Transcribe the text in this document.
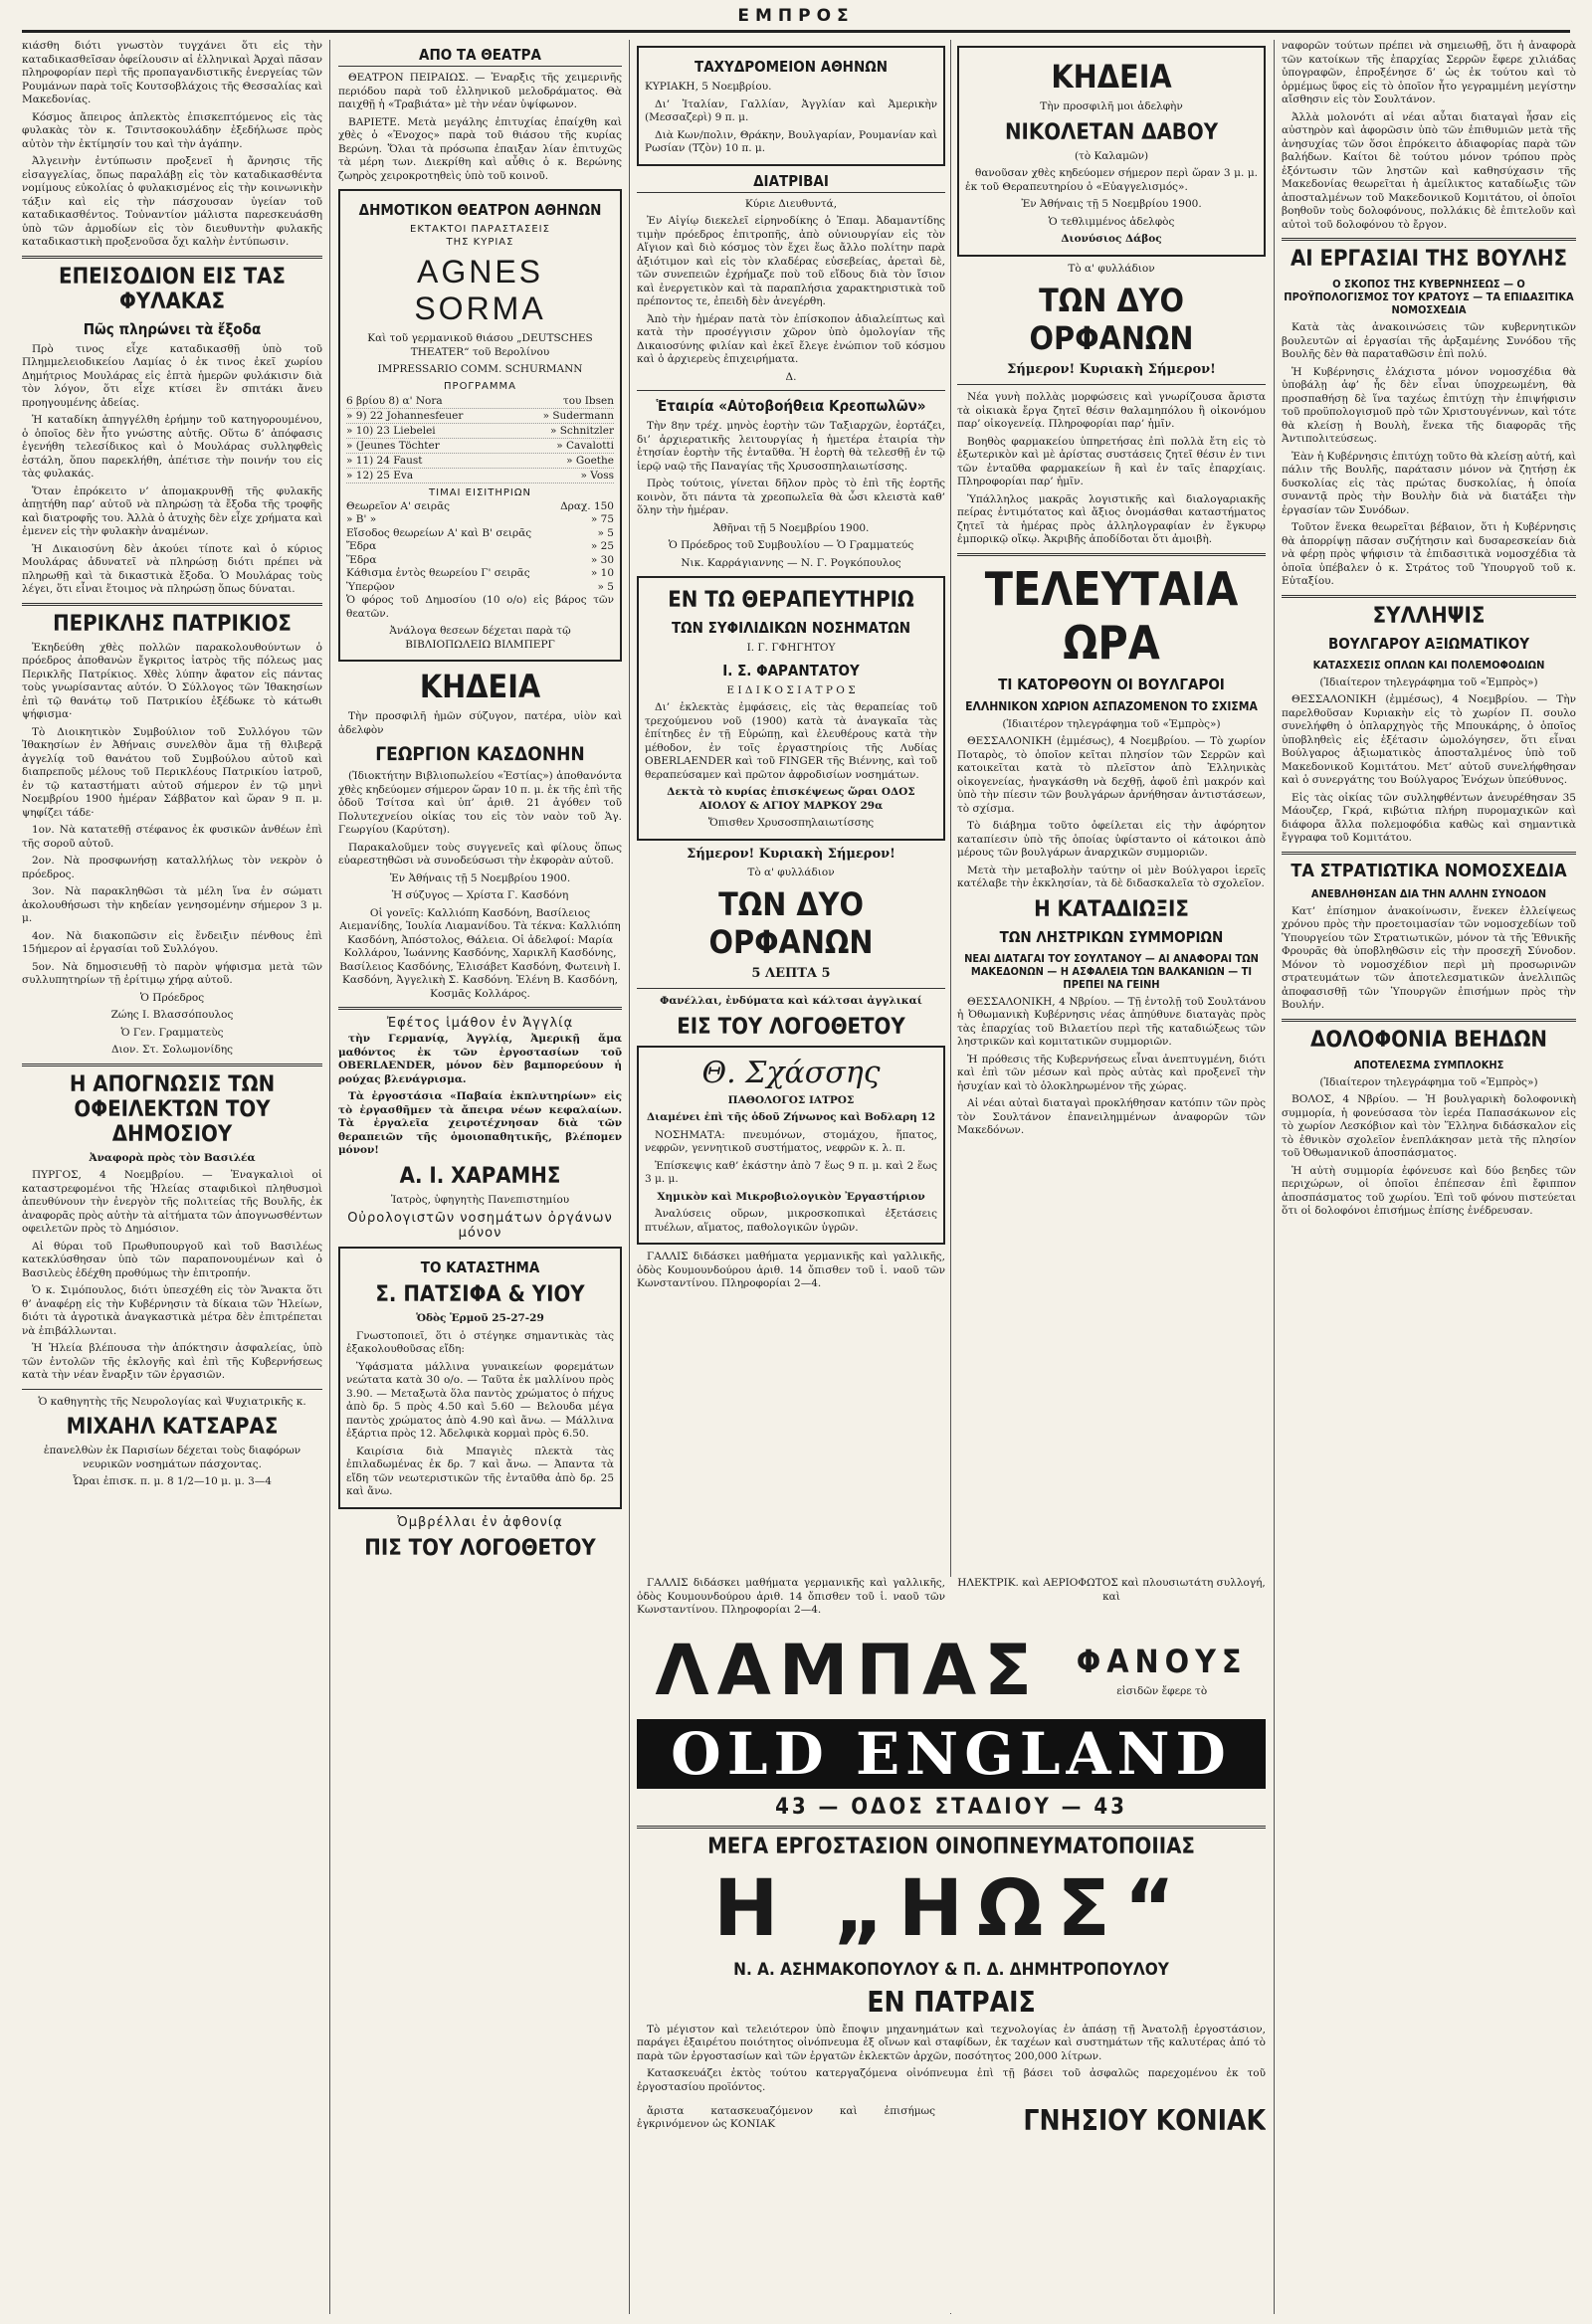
ΕΜΠΡΟΣ

κιάσθη διότι γνωστὸν τυγχάνει ὅτι εἰς τὴν καταδικασθεῖσαν ὀφείλουσιν αἱ ἑλληνικαὶ Ἀρχαὶ πᾶσαν πληροφορίαν περὶ τῆς προπαγανδιστικῆς ἐνεργείας τῶν Ρουμάνων παρὰ τοῖς Κουτσοβλάχοις τῆς Θεσσαλίας καὶ Μακεδονίας.

Κόσμος ἄπειρος ἀπλεκτὸς ἐπισκεπτόμενος εἰς τὰς φυλακὰς τὸν κ. Τσιντσοκουλάδην ἐξεδήλωσε πρὸς αὐτὸν τὴν ἐκτίμησίν του καὶ τὴν ἀγάπην.

Ἀλγεινὴν ἐντύπωσιν προξενεῖ ἡ ἄρνησις τῆς εἰσαγγελίας, ὅπως παραλάβῃ εἰς τὸν καταδικασθέντα νομίμους εὐκολίας ὁ φυλακισμένος εἰς τὴν κοινωνικὴν τάξιν καὶ εἰς τὴν πάσχουσαν ὑγείαν τοῦ καταδικασθέντος. Τοὐναντίον μάλιστα παρεσκευάσθη ὑπὸ τῶν ἁρμοδίων εἰς τὸν διευθυντὴν φυλακῆς καταδικαστικὴ προξενοῦσα ὄχι καλὴν ἐντύπωσιν.

ΕΠΕΙΣΟΔΙΟΝ ΕΙΣ ΤΑΣ ΦΥΛΑΚΑΣ
Πῶς πληρώνει τὰ ἔξοδα

Πρὸ τινος εἶχε καταδικασθῇ ὑπὸ τοῦ Πλημμελειοδικείου Λαμίας ὁ ἐκ τινος ἐκεῖ χωρίου Δημήτριος Μουλάρας εἰς ἑπτὰ ἡμερῶν φυλάκισιν διὰ τὸν λόγον, ὅτι εἶχε κτίσει ἓν σπιτάκι ἄνευ προηγουμένης ἀδείας.

Ἡ καταδίκη ἀπηγγέλθη ἐρήμην τοῦ κατηγορουμένου, ὁ ὁποῖος δὲν ἦτο γνώστης αὐτῆς. Οὕτω δ’ ἀπόφασις ἐγενήθη τελεσίδικος καὶ ὁ Μουλάρας συλληφθεὶς ἐστάλη, ὅπου παρεκλήθη, ἀπέτισε τὴν ποινήν του εἰς τὰς φυλακάς.

Ὅταν ἐπρόκειτο ν’ ἀπομακρυνθῇ τῆς φυλακῆς ἀπῃτήθη παρ’ αὐτοῦ νὰ πληρώσῃ τὰ ἔξοδα τῆς τροφῆς καὶ διατροφῆς του. Ἀλλὰ ὁ ἀτυχὴς δὲν εἶχε χρήματα καὶ ἐμενεν εἰς τὴν φυλακὴν ἀναμένων.

Ἡ Δικαιοσύνη δὲν ἀκούει τίποτε καὶ ὁ κύριος Μουλάρας ἀδυνατεῖ νὰ πληρώσῃ διότι πρέπει νὰ πληρωθῇ καὶ τὰ δικαστικὰ ἔξοδα. Ὁ Μουλάρας τοὺς λέγει, ὅτι εἶναι ἕτοιμος νὰ πληρώσῃ ὅπως δύναται.

ΠΕΡΙΚΛΗΣ ΠΑΤΡΙΚΙΟΣ

Ἐκηδεύθη χθὲς πολλῶν παρακολουθούντων ὁ πρόεδρος ἀποθανὼν ἔγκριτος ἰατρὸς τῆς πόλεως μας Περικλῆς Πατρίκιος. Χθὲς λύπην ἄφατον εἰς πάντας τοὺς γνωρίσαντας αὐτόν. Ὁ Σύλλογος τῶν Ἰθακησίων ἐπὶ τῷ θανάτῳ τοῦ Πατρικίου ἐξέδωκε τὸ κάτωθι ψήφισμα·

Τὸ Διοικητικὸν Συμβούλιον τοῦ Συλλόγου τῶν Ἰθακησίων ἐν Ἀθήναις συνελθὸν ἄμα τῇ θλιβερᾷ ἀγγελίᾳ τοῦ θανάτου τοῦ Συμβούλου αὐτοῦ καὶ διαπρεποῦς μέλους τοῦ Περικλέους Πατρικίου ἰατροῦ, ἐν τῷ καταστήματι αὐτοῦ σήμερον ἐν τῷ μηνὶ Νοεμβρίου 1900 ἡμέραν Σάββατον καὶ ὥραν 9 π. μ. ψηφίζει τάδε·

1ον. Νὰ κατατεθῇ στέφανος ἐκ φυσικῶν ἀνθέων ἐπὶ τῆς σοροῦ αὐτοῦ.

2ον. Νὰ προσφωνήσῃ καταλλήλως τὸν νεκρὸν ὁ πρόεδρος.

3ον. Νὰ παρακληθῶσι τὰ μέλη ἵνα ἐν σώματι ἀκολουθήσωσι τὴν κηδείαν γενησομένην σήμερον 3 μ. μ.

4ον. Νὰ διακοπῶσιν εἰς ἔνδειξιν πένθους ἐπὶ 15ήμερον αἱ ἐργασίαι τοῦ Συλλόγου.

5ον. Νὰ δημοσιευθῇ τὸ παρὸν ψήφισμα μετὰ τῶν συλλυπητηρίων τῇ ἐρίτιμῳ χήρᾳ αὐτοῦ.

Ὁ Πρόεδρος

Ζώης Ι. Βλασσόπουλος

Ὁ Γεν. Γραμματεὺς

Διον. Στ. Σολωμονίδης

Η ΑΠΟΓΝΩΣΙΣ ΤΩΝ ΟΦΕΙΛΕΚΤΩΝ ΤΟΥ ΔΗΜΟΣΙΟΥ

Ἀναφορὰ πρὸς τὸν Βασιλέα

ΠΥΡΓΟΣ, 4 Νοεμβρίου. — Ἐναγκαλιοὶ οἱ καταστρεφομένοι τῆς Ἠλείας σταφιδικοὶ πληθυσμοὶ ἀπευθύνουν τὴν ἐνεργὸν τῆς πολιτείας τῆς Βουλῆς, ἐκ ἀναφορᾶς πρὸς αὐτὴν τὰ αἰτήματα τῶν ἀπογνωσθέντων οφειλετῶν πρὸς τὸ Δημόσιον.

Αἱ θύραι τοῦ Πρωθυπουργοῦ καὶ τοῦ Βασιλέως κατεκλύσθησαν ὑπὸ τῶν παραπονουμένων καὶ ὁ Βασιλεὺς ἐδέχθη προθύμως τὴν ἐπιτροπήν.

Ὁ κ. Σιμόπουλος, διότι ὑπεσχέθη εἰς τὸν Ἄνακτα ὅτι θ’ ἀναφέρῃ εἰς τὴν Κυβέρνησιν τὰ δίκαια τῶν Ἠλείων, διότι τὰ ἀγροτικὰ ἀναγκαστικὰ μέτρα δὲν ἐπιτρέπεται νὰ ἐπιβάλλωνται.

Ἡ Ἠλεία βλέπουσα τὴν ἀπόκτησιν ἀσφαλείας, ὑπὸ τῶν ἐντολῶν τῆς ἐκλογῆς καὶ ἐπὶ τῆς Κυβερνήσεως κατὰ τὴν νέαν ἔναρξιν τῶν ἐργασιῶν.

Ὁ καθηγητὴς τῆς Νευρολογίας καὶ Ψυχιατρικῆς κ.

ΜΙΧΑΗΛ ΚΑΤΣΑΡΑΣ

ἐπανελθὼν ἐκ Παρισίων δέχεται τοὺς διαφόρων νευρικῶν νοσημάτων πάσχοντας.

Ὧραι ἐπισκ. π. μ. 8 1/2—10 μ. μ. 3—4

ΑΠΟ ΤΑ ΘΕΑΤΡΑ

ΘΕΑΤΡΟΝ ΠΕΙΡΑΙΩΣ. — Ἐναρξις τῆς χειμερινῆς περιόδου παρὰ τοῦ ἑλληνικοῦ μελοδράματος. Θὰ παιχθῇ ἡ «Τραβιάτα» μὲ τὴν νέαν ὑψίφωνον.

ΒΑΡΙΕΤΕ. Μετὰ μεγάλης ἐπιτυχίας ἐπαίχθη καὶ χθὲς ὁ «Ἐνοχος» παρὰ τοῦ θιάσου τῆς κυρίας Βερώνη. Ὅλαι τὰ πρόσωπα ἐπαιξαν λίαν ἐπιτυχῶς τὰ μέρη των. Διεκρίθη καὶ αὖθις ὁ κ. Βερώνης ζωηρὸς χειροκροτηθεὶς ὑπὸ τοῦ κοινοῦ.

ΔΗΜΟΤΙΚΟΝ ΘΕΑΤΡΟΝ ΑΘΗΝΩΝ
ΕΚΤΑΚΤΟΙ ΠΑΡΑΣΤΑΣΕΙΣ
ΤΗΣ ΚΥΡΙΑΣ
AGNES SORMA

Καὶ τοῦ γερμανικοῦ θιάσου „DEUTSCHES THEATER“ τοῦ Βερολίνου

IMPRESSARIO COMM. SCHURMANN

ΠΡΟΓΡΑΜΜΑ
6 βρίου 8) α' Nora	του Ibsen
» 9) 22 Johannesfeuer	» Sudermann
» 10) 23 Liebelei	» Schnitzler
» (Jeunes Töchter	» Cavalotti
» 11) 24 Faust	» Goethe
» 12) 25 Eva	» Voss
ΤΙΜΑΙ ΕΙΣΙΤΗΡΙΩΝ
Θεωρεῖον Α' σειρᾶς	Δραχ. 150
» Β' »	» 75
Εἴσοδος θεωρείων Α' καὶ Β' σειρᾶς	» 5
Ἔδρα	» 25
Ἕδρα	» 30
Κάθισμα ἐντὸς θεωρείου Γ' σειρᾶς	» 10
Ὑπερῷον	» 5

Ὁ φόρος τοῦ Δημοσίου (10 ο/ο) εἰς βάρος τῶν θεατῶν.

Ἀνάλογα θεσεων δέχεται παρὰ τῷ ΒΙΒΛΙΟΠΩΛΕΙΩ ΒΙΛΜΠΕΡΓ

ΚΗΔΕΙΑ

Τὴν προσφιλῆ ἡμῶν σύζυγον, πατέρα, υἱὸν καὶ ἀδελφὸν

ΓΕΩΡΓΙΟΝ ΚΑΣΔΟΝΗΝ

(Ἰδιοκτήτην Βιβλιοπωλείου «Ἑστίας») ἀποθανόντα χθὲς κηδεύομεν σήμερον ὥραν 10 π. μ. ἐκ τῆς ἐπὶ τῆς ὁδοῦ Τσίτσα καὶ ὑπ’ ἀριθ. 21 ἀγόθεν τοῦ Πολυτεχνείου οἰκίας του εἰς τὸν ναὸν τοῦ Ἁγ. Γεωργίου (Καρύτση).

Παρακαλοῦμεν τοὺς συγγενεῖς καὶ φίλους ὅπως εὐαρεστηθῶσι νὰ συνοδεύσωσι τὴν ἐκφορὰν αὐτοῦ.

Ἐν Ἀθήναις τῇ 5 Νοεμβρίου 1900.

Ἡ σύζυγος — Χρίστα Γ. Κασδόνη

Οἱ γονεῖς: Καλλιόπη Κασδόνη, Βασίλειος Αιεμανίδης, Ἰουλία Λιαμανίδου. Τὰ τέκνα: Καλλιόπη Κασδόνη, Ἀπόστολος, Θάλεια. Οἱ ἀδελφοί: Μαρία Κολλάρου, Ἰωάννης Κασδόνης, Χαρικλῆ Κασδόνης, Βασίλειος Κασδόνης, Ἐλισάβετ Κασδόνη, Φωτεινὴ Ι. Κασδόνη, Ἀγγελικὴ Σ. Κασδόνη. Ἑλένη Β. Κασδόνη, Κοσμᾶς Κολλάρος.

Ἐφέτος ἱμάθον ἐν Ἀγγλίᾳ

τὴν Γερμανίᾳ, Ἀγγλίᾳ, Ἀμερικῇ ἅμα μαθόντος ἐκ τῶν ἐργοστασίων τοῦ OBERLAENDER, μόνον δὲν βαμπορεύουν ἡ ρούχας βλενάγρισμα.

Τὰ ἐργοστάσια «Παβαία ἐκπλυτηρίων» εἰς τὸ ἐργασθῆμεν τὰ ἄπειρα νέων κεφαλαίων. Τὰ ἐργαλεῖα χειροτέχνησαν διὰ τῶν θεραπειῶν τῆς ὁμοιοπαθητικῆς, βλέπομεν μόνον!

Α. Ι. ΧΑΡΑΜΗΣ

Ἰατρὸς, ὑφηγητὴς Πανεπιστημίου

Οὐρολογιστῶν νοσημάτων ὀργάνων μόνον
ΤΟ ΚΑΤΑΣΤΗΜΑ
Σ. ΠΑΤΣΙΦΑ & ΥΙΟΥ

Ὁδὸς Ἑρμοῦ 25-27-29

Γνωστοποιεῖ, ὅτι ὁ στέγηκε σημαντικὰς τὰς ἑξακολουθοῦσας εἴδη:

Ὑφάσματα μάλλινα γυναικείων φορεμάτων νεώτατα κατὰ 30 ο/ο. — Ταῦτα ἐκ μαλλίνου πρὸς 3.90. — Μεταξωτὰ ὅλα παντὸς χρώματος ὁ πήχυς ἀπὸ δρ. 5 πρὸς 4.50 καὶ 5.60 — Βελουδα μέγα παντὸς χρώματος ἀπὸ 4.90 καὶ ἄνω. — Μάλλινα ἐξάρτια πρὸς 12. Ἀδελφικὰ κορμαὶ πρὸς 6.50.

Καιρίσια διὰ Μπαγιὲς πλεκτὰ τὰς ἐπιλαδωμένας ἐκ δρ. 7 καὶ ἄνω. — Ἀπαντα τὰ εἴδη τῶν νεωτεριστικῶν τῆς ἐνταῦθα ἀπὸ δρ. 25 καὶ ἄνω.

Ὀμβρέλλαι ἐν ἀφθονίᾳ
ΠΙΣ ΤΟΥ ΛΟΓΟΘΕΤΟΥ
ΤΑΧΥΔΡΟΜΕΙΟΝ ΑΘΗΝΩΝ

ΚΥΡΙΑΚΗ, 5 Νοεμβρίου.

Δι’ Ἰταλίαν, Γαλλίαν, Ἀγγλίαν καὶ Ἀμερικὴν (Μεσσαζερὶ) 9 π. μ.

Διὰ Κων/πολιν, Θράκην, Βουλγαρίαν, Ρουμανίαν καὶ Ρωσίαν (Τζὸν) 10 π. μ.

ΔΙΑΤΡΙΒΑΙ

Κύριε Διευθυντά,

Ἐν Αἰγίῳ διεκελεῖ εἰρηνοδίκης ὁ Ἐπαμ. Ἀδαμαντίδης τιμὴν πρόεδρος ἐπιτροπῆς, ἀπὸ οὐνιουργίαν εἰς τὸν Αἴγιον καὶ διὸ κόσμος τὸν ἔχει ἕως ἄλλο πολίτην παρὰ ἀξιότιμον καὶ εἰς τὸν κλαδέρας εὐσεβείας, ἀρεταὶ δὲ, τῶν συνεπειῶν ἐχρήμαζε ποὺ τοῦ εἴδους διὰ τὸν ἴσιον καὶ ἐνεργετικὸν καὶ τὰ παραπλήσια χαρακτηριστικὰ τοῦ πρέποντος τε, ἐπειδὴ δὲν ἀνεγέρθη.

Ἀπὸ τὴν ἡμέραν πατὰ τὸν ἐπίσκοπον ἀδιαλείπτως καὶ κατὰ τὴν προσέγγισιν χῶρον ὑπὸ ὁμολογίαν τῆς Δικαιοσύνης φιλίαν καὶ ἐκεῖ ἔλεγε ἐνώπιον τοῦ κόσμου καὶ ὁ ἀρχιερεὺς ἐπιχειρήματα.

Δ.

Ἑταιρία «Αὐτοβοήθεια Κρεοπωλῶν»

Τὴν 8ην τρέχ. μηνὸς ἑορτὴν τῶν Ταξιαρχῶν, ἑορτάζει, δι’ ἀρχιερατικῆς λειτουργίας ἡ ἡμετέρα ἑταιρία τὴν ἐτησίαν ἑορτὴν τῆς ἐνταῦθα. Ἡ ἑορτὴ θὰ τελεσθῇ ἐν τῷ ἱερῷ ναῷ τῆς Παναγίας τῆς Χρυσοσπηλαιωτίσσης.

Πρὸς τούτοις, γίνεται δῆλον πρὸς τὸ ἐπὶ τῆς ἑορτῆς κοινὸν, ὅτι πάντα τὰ χρεοπωλεῖα θὰ ὦσι κλειστὰ καθ’ ὅλην τὴν ἡμέραν.

Ἀθῆναι τῇ 5 Νοεμβρίου 1900.

Ὁ Πρόεδρος τοῦ Συμβουλίου — Ὁ Γραμματεύς

Νικ. Καρράγιαννης — Ν. Γ. Ρογκόπουλος

ΕΝ ΤΩ ΘΕΡΑΠΕΥΤΗΡΙΩ
ΤΩΝ ΣΥΦΙΛΙΔΙΚΩΝ ΝΟΣΗΜΑΤΩΝ

Ι. Γ. ΓΦΗΓΗΤΟΥ

Ι. Σ. ΦΑΡΑΝΤΑΤΟΥ

Ε Ι Δ Ι Κ Ο Σ Ι Α Τ Ρ Ο Σ

Δι’ ἐκλεκτὰς ἐμφάσεις, εἰς τὰς θεραπείας τοῦ τρεχούμενου νοῦ (1900) κατὰ τὰ ἀναγκαῖα τὰς ἐπίτηδες ἐν τῇ Εὐρώπῃ, καὶ ἐλευθέρους κατὰ τὴν μέθοδον, ἐν τοῖς ἐργαστηρίοις τῆς Λυδίας OBERLAENDER καὶ τοῦ FINGER τῆς Βιέννης, καὶ τοῦ θεραπεύσαμεν καὶ πρῶτον ἀφροδισίων νοσημάτων.

Δεκτὰ τὸ κυρίας ἐπισκέψεως ὥραι ΟΔΟΣ ΑΙΟΛΟΥ & ΑΓΙΟΥ ΜΑΡΚΟΥ 29α

Ὄπισθεν Χρυσοσπηλαιωτίσσης

Σήμερον! Κυριακὴ Σήμερον!

Τὸ α' φυλλάδιον

ΤΩΝ ΔΥΟ ΟΡΦΑΝΩΝ

5 ΛΕΠΤΑ 5

Φανέλλαι, ἐνδύματα καὶ κάλτσαι ἀγγλικαί

ΕΙΣ ΤΟΥ ΛΟΓΟΘΕΤΟΥ
Θ. Σχάσσης

ΠΑΘΟΛΟΓΟΣ ΙΑΤΡΟΣ

Διαμένει ἐπὶ τῆς ὁδοῦ Ζήνωνος καὶ Βοδλαρη 12

ΝΟΣΗΜΑΤΑ: πνευμόνων, στομάχου, ἥπατος, νεφρῶν, γεννητικοῦ συστήματος, νεφρῶν κ. λ. π.

Ἐπίσκεψις καθ’ ἑκάστην ἀπὸ 7 ἕως 9 π. μ. καὶ 2 ἕως 3 μ. μ.

Χημικὸν καὶ Μικροβιολογικὸν Ἐργαστήριον

Ἀναλύσεις οὔρων, μικροσκοπικαὶ ἐξετάσεις πτυέλων, αἵματος, παθολογικῶν ὑγρῶν.

ΓΑΛΛΙΣ διδάσκει μαθήματα γερμανικῆς καὶ γαλλικῆς, ὁδὸς Κουμουνδούρου ἀριθ. 14 ὄπισθεν τοῦ ἱ. ναοῦ τῶν Κωνσταντίνου. Πληροφορίαι 2—4.

ΚΗΔΕΙΑ

Τὴν προσφιλῆ μοι ἀδελφὴν

ΝΙΚΟΛΕΤΑΝ ΔΑΒΟΥ

(τὸ Καλαμῶν)

θανοῦσαν χθὲς κηδεύομεν σήμερον περὶ ὥραν 3 μ. μ. ἐκ τοῦ Θεραπευτηρίου ὁ «Εὐαγγελισμός».

Ἐν Ἀθήναις τῇ 5 Νοεμβρίου 1900.

Ὁ τεθλιμμένος ἀδελφὸς

Διονύσιος Δάβος

Τὸ α' φυλλάδιον

ΤΩΝ ΔΥΟ ΟΡΦΑΝΩΝ

Σήμερον! Κυριακὴ Σήμερον!

Νέα γυνὴ πολλὰς μορφώσεις καὶ γνωρίζουσα ἄριστα τὰ οἰκιακὰ ἔργα ζητεῖ θέσιν θαλαμηπόλου ἢ οἰκονόμου παρ’ οἰκογενείᾳ. Πληροφορίαι παρ’ ἡμῖν.

Βοηθὸς φαρμακείου ὑπηρετήσας ἐπὶ πολλὰ ἔτη εἰς τὸ ἐξωτερικὸν καὶ μὲ ἀρίστας συστάσεις ζητεῖ θέσιν ἐν τινι τῶν ἐνταῦθα φαρμακείων ἢ καὶ ἐν ταῖς ἐπαρχίαις. Πληροφορίαι παρ’ ἡμῖν.

Ὑπάλληλος μακρᾶς λογιστικῆς καὶ διαλογαριακῆς πείρας ἐντιμότατος καὶ ἄξιος ὀνομάσθαι καταστήματος ζητεῖ τὰ ἡμέρας πρὸς ἀλληλογραφίαν ἐν ἔγκυρῳ ἐμπορικῷ οἴκῳ. Ἀκριβῆς ἀποδίδοται ὅτι ἀμοιβὴ.

ΤΕΛΕΥΤΑΙΑ ΩΡΑ
ΤΙ ΚΑΤΟΡΘΟΥΝ ΟΙ ΒΟΥΛΓΑΡΟΙ
ΕΛΛΗΝΙΚΟΝ ΧΩΡΙΟΝ ΑΣΠΑΖΟΜΕΝΟΝ ΤΟ ΣΧΙΣΜΑ

(Ἰδιαιτέρον τηλεγράφημα τοῦ «Ἐμπρὸς»)

ΘΕΣΣΑΛΟΝΙΚΗ (ἐμμέσως), 4 Νοεμβρίου. — Τὸ χωρίον Ποταρὸς, τὸ ὁποῖον κεῖται πλησίον τῶν Σερρῶν καὶ κατοικεῖται κατὰ τὸ πλεῖστον ἀπὸ Ἑλληνικὰς οἰκογενείας, ἠναγκάσθη νὰ δεχθῇ, ἀφοῦ ἐπὶ μακρόν καὶ ὑπὸ τὴν πίεσιν τῶν βουλγάρων ἀρνήθησαν ἀντιστάσεων, τὸ σχίσμα.

Τὸ διάβημα τοῦτο ὀφείλεται εἰς τὴν ἀφόρητον καταπίεσιν ὑπὸ τῆς ὁποίας ὑφίσταντο οἱ κάτοικοι ἀπὸ μέρους τῶν βουλγάρων ἀναρχικῶν συμμοριῶν.

Μετὰ τὴν μεταβολὴν ταύτην οἱ μὲν Βούλγαροι ἱερεῖς κατέλαβε τὴν ἐκκλησίαν, τὰ δὲ διδασκαλεῖα τὸ σχολεῖον.

Η ΚΑΤΑΔΙΩΞΙΣ
ΤΩΝ ΛΗΣΤΡΙΚΩΝ ΣΥΜΜΟΡΙΩΝ
ΝΕΑΙ ΔΙΑΤΑΓΑΙ ΤΟΥ ΣΟΥΛΤΑΝΟΥ — ΑΙ ΑΝΑΦΟΡΑΙ ΤΩΝ ΜΑΚΕΔΟΝΩΝ — Η ΑΣΦΑΛΕΙΑ ΤΩΝ ΒΑΛΚΑΝΙΩΝ — ΤΙ ΠΡΕΠΕΙ ΝΑ ΓΕΙΝΗ

ΘΕΣΣΑΛΟΝΙΚΗ, 4 Νβρίου. — Τῇ ἐντολῇ τοῦ Σουλτάνου ἡ Ὀθωμανικὴ Κυβέρνησις νέας ἀπηύθυνε διαταγὰς πρὸς τὰς ἐπαρχίας τοῦ Βιλαετίου περὶ τῆς καταδιώξεως τῶν ληστρικῶν καὶ κομιτατικῶν συμμοριῶν.

Ἡ πρόθεσις τῆς Κυβερνήσεως εἶναι ἀνεπτυγμένη, διότι καὶ ἐπὶ τῶν μέσων καὶ πρὸς αὐτὰς καὶ προξενεῖ τὴν ἡσυχίαν καὶ τὸ ὁλοκληρωμένον τῆς χώρας.

Αἱ νέαι αὐταὶ διαταγαὶ προκλήθησαν κατόπιν τῶν πρὸς τὸν Σουλτάνον ἐπανειλημμένων ἀναφορῶν τῶν Μακεδόνων.

ναφορῶν τούτων πρέπει νὰ σημειωθῇ, ὅτι ἡ ἀναφορὰ τῶν κατοίκων τῆς ἐπαρχίας Σερρῶν ἔφερε χιλιάδας ὑπογραφῶν, ἐπροξένησε δ’ ὡς ἐκ τούτου καὶ τὸ ὁρμέμως ὕφος εἰς τὸ ὁποῖον ἦτο γεγραμμένη μεγίστην αἴσθησιν εἰς τὸν Σουλτάνον.

Ἀλλὰ μολονότι αἱ νέαι αὗται διαταγαὶ ἦσαν εἰς αὐστηρὸν καὶ ἀφορῶσιν ὑπὸ τῶν ἐπιθυμιῶν μετὰ τῆς ἀνησυχίας τῶν ὅσοι ἐπρόκειτο ἀδιαφορίας παρὰ τῶν βαλήδων. Καίτοι δὲ τούτου μόνον τρόπου πρὸς ἐξόντωσιν τῶν ληστῶν καὶ καθησύχασιν τῆς Μακεδονίας θεωρεῖται ἡ ἀμείλικτος καταδίωξις τῶν ἀποσταλμένων τοῦ Μακεδονικοῦ Κομιτάτου, οἱ ὁποῖοι βοηθοῦν τοὺς δολοφόνους, πολλάκις δὲ ἐπιτελοῦν καὶ αὐτοὶ τοῦ δολοφόνου τὸ ἔργον.

ΑΙ ΕΡΓΑΣΙΑΙ ΤΗΣ ΒΟΥΛΗΣ
Ο ΣΚΟΠΟΣ ΤΗΣ ΚΥΒΕΡΝΗΣΕΩΣ — Ο ΠΡΟΫΠΟΛΟΓΙΣΜΟΣ ΤΟΥ ΚΡΑΤΟΥΣ — ΤΑ ΕΠΙΔΑΣΙΤΙΚΑ ΝΟΜΟΣΧΕΔΙΑ

Κατὰ τὰς ἀνακοινώσεις τῶν κυβερνητικῶν βουλευτῶν αἱ ἐργασίαι τῆς ἀρξαμένης Συνόδου τῆς Βουλῆς δὲν θὰ παραταθῶσιν ἐπὶ πολύ.

Ἡ Κυβέρνησις ἐλάχιστα μόνον νομοσχέδια θὰ ὑποβάλῃ ἀφ’ ἧς δὲν εἶναι ὑποχρεωμένη, θὰ προσπαθήσῃ δὲ ἵνα ταχέως ἐπιτύχῃ τὴν ἐπιψήφισιν τοῦ προϋπολογισμοῦ πρὸ τῶν Χριστουγέννων, καὶ τότε θὰ κλείσῃ ἡ Βουλὴ, ἕνεκα τῆς διαφορᾶς τῆς Ἀντιπολιτεύσεως.

Ἐὰν ἡ Κυβέρνησις ἐπιτύχῃ τοῦτο θὰ κλείσῃ αὐτή, καὶ πάλιν τῆς Βουλῆς, παράτασιν μόνον νὰ ζητήσῃ ἐκ δυσκολίας εἰς τὰς πρώτας δυσκολίας, ἡ ὁποία συναντᾷ πρὸς τὴν Βουλὴν διὰ νὰ διατάξει τὴν ἐργασίαν τῶν Συνόδων.

Τοῦτον ἕνεκα θεωρεῖται βέβαιον, ὅτι ἡ Κυβέρνησις θὰ ἀπορρίψῃ πᾶσαν συζήτησιν καὶ δυσαρεσκείαν διὰ νὰ φέρῃ πρὸς ψήφισιν τὰ ἐπιδασιτικὰ νομοσχέδια τὰ ὁποῖα ὑπέβαλεν ὁ κ. Στράτος τοῦ Ὑπουργοῦ τοῦ κ. Εὐταξίου.

ΣΥΛΛΗΨΙΣ
ΒΟΥΛΓΑΡΟΥ ΑΞΙΩΜΑΤΙΚΟΥ
ΚΑΤΑΣΧΕΣΙΣ ΟΠΛΩΝ ΚΑΙ ΠΟΛΕΜΟΦΟΔΙΩΝ

(Ἰδιαίτερον τηλεγράφημα τοῦ «Ἐμπρὸς»)

ΘΕΣΣΑΛΟΝΙΚΗ (ἐμμέσως), 4 Νοεμβρίου. — Τὴν παρελθοῦσαν Κυριακὴν εἰς τὸ χωρίον Π. σουλο συνελήφθη ὁ ὁπλαρχηγὸς τῆς Μπουκάρης, ὁ ὁποῖος ὑποβληθεὶς εἰς ἐξέτασιν ὡμολόγησεν, ὅτι εἶναι Βούλγαρος ἀξιωματικὸς ἀποσταλμένος ὑπὸ τοῦ Μακεδονικοῦ Κομιτάτου. Μετ’ αὐτοῦ συνελήφθησαν καὶ ὁ συνεργάτης του Βούλγαρος Ἐνόχων ὑπεύθυνος.

Εἰς τὰς οἰκίας τῶν συλληφθέντων ἀνευρέθησαν 35 Μάουζερ, Γκρά, κιβώτια πλήρη πυρομαχικῶν καὶ διάφορα ἄλλα πολεμοφόδια καθὼς καὶ σημαντικὰ ἔγγραφα τοῦ Κομιτάτου.

ΤΑ ΣΤΡΑΤΙΩΤΙΚΑ ΝΟΜΟΣΧΕΔΙΑ
ΑΝΕΒΛΗΘΗΣΑΝ ΔΙΑ ΤΗΝ ΑΛΛΗΝ ΣΥΝΟΔΟΝ

Κατ’ ἐπίσημον ἀνακοίνωσιν, ἕνεκεν ἐλλείψεως χρόνου πρὸς τὴν προετοιμασίαν τῶν νομοσχεδίων τοῦ Ὑπουργείου τῶν Στρατιωτικῶν, μόνον τὰ τῆς Ἐθνικῆς Φρουρᾶς θὰ ὑποβληθῶσιν εἰς τὴν προσεχῆ Σύνοδον. Μόνον τὸ νομοσχέδιον περὶ μὴ προσωρινῶν στρατευμάτων τῶν ἀποτελεσματικῶν ἀνελλιπῶς ἀποφασισθῇ τῶν Ὑπουργῶν ἐπισήμων πρὸς τὴν Βουλήν.

ΔΟΛΟΦΟΝΙΑ ΒΕΗΔΩΝ
ΑΠΟΤΕΛΕΣΜΑ ΣΥΜΠΛΟΚΗΣ

(Ἰδιαίτερον τηλεγράφημα τοῦ «Ἐμπρὸς»)

ΒΟΛΟΣ, 4 Νβρίου. — Ἡ βουλγαρικὴ δολοφονικὴ συμμορία, ἡ φονεύσασα τὸν ἱερέα Παπασάκωνον εἰς τὸ χωρίον Λεσκόβιον καὶ τὸν Ἕλληνα διδάσκαλον εἰς τὸ ἐθνικὸν σχολεῖον ἐνεπλάκησαν μετὰ τῆς πλησίον τοῦ Ὀθωμανικοῦ ἀποσπάσματος.

Ἡ αὐτὴ συμμορία ἐφόνευσε καὶ δύο βεηδες τῶν περιχώρων, οἱ ὁποῖοι ἐπέπεσαν ἐπὶ ἔφιππον ἀποσπάσματος τοῦ χωρίου. Ἐπὶ τοῦ φόνου πιστεύεται ὅτι οἱ δολοφόνοι ἐπισήμως ἐπίσης ἐνέδρευσαν.

ΓΑΛΛΙΣ διδάσκει μαθήματα γερμανικῆς καὶ γαλλικῆς, ὁδὸς Κουμουνδούρου ἀριθ. 14 ὄπισθεν τοῦ ἱ. ναοῦ τῶν Κωνσταντίνου. Πληροφορίαι 2—4.

ΗΛΕΚΤΡΙΚ. καὶ ΑΕΡΙΟΦΩΤΟΣ καὶ πλουσιωτάτη συλλογή, καὶ

ΛΑΜΠΑΣ ΦΑΝΟΥΣ

εἰσιδῶν ἔφερε τὸ

OLD ENGLAND
43 — ΟΔΟΣ ΣΤΑΔΙΟΥ — 43
ΜΕΓΑ ΕΡΓΟΣΤΑΣΙΟΝ ΟΙΝΟΠΝΕΥΜΑΤΟΠΟΙΙΑΣ
Η „ΗΩΣ“
Ν. Α. ΑΣΗΜΑΚΟΠΟΥΛΟΥ & Π. Δ. ΔΗΜΗΤΡΟΠΟΥΛΟΥ
ΕΝ ΠΑΤΡΑΙΣ

Τὸ μέγιστον καὶ τελειότερον ὑπὸ ἔποψιν μηχανημάτων καὶ τεχνολογίας ἐν ἁπάσῃ τῇ Ἀνατολῇ ἐργοστάσιον, παράγει ἐξαιρέτου ποιότητος οἰνόπνευμα ἐξ οἴνων καὶ σταφίδων, ἐκ ταχέων καὶ συστημάτων τῆς καλυτέρας ἀπό τὸ παρὰ τῶν ἐργοστασίων καὶ τῶν ἐργατῶν ἐκλεκτῶν ἀρχῶν, ποσότητος 200,000 λίτρων.

Κατασκευάζει ἐκτὸς τούτου κατεργαζόμενα οἰνόπνευμα ἐπὶ τῇ βάσει τοῦ ἀσφαλῶς παρεχομένου ἐκ τοῦ ἐργοστασίου προϊόντος.

ἄριστα κατασκευαζόμενον καὶ ἐπισήμως ἐγκρινόμενον ὡς ΚΟΝΙΑΚ	ΓΝΗΣΙΟΥ ΚΟΝΙΑΚ
